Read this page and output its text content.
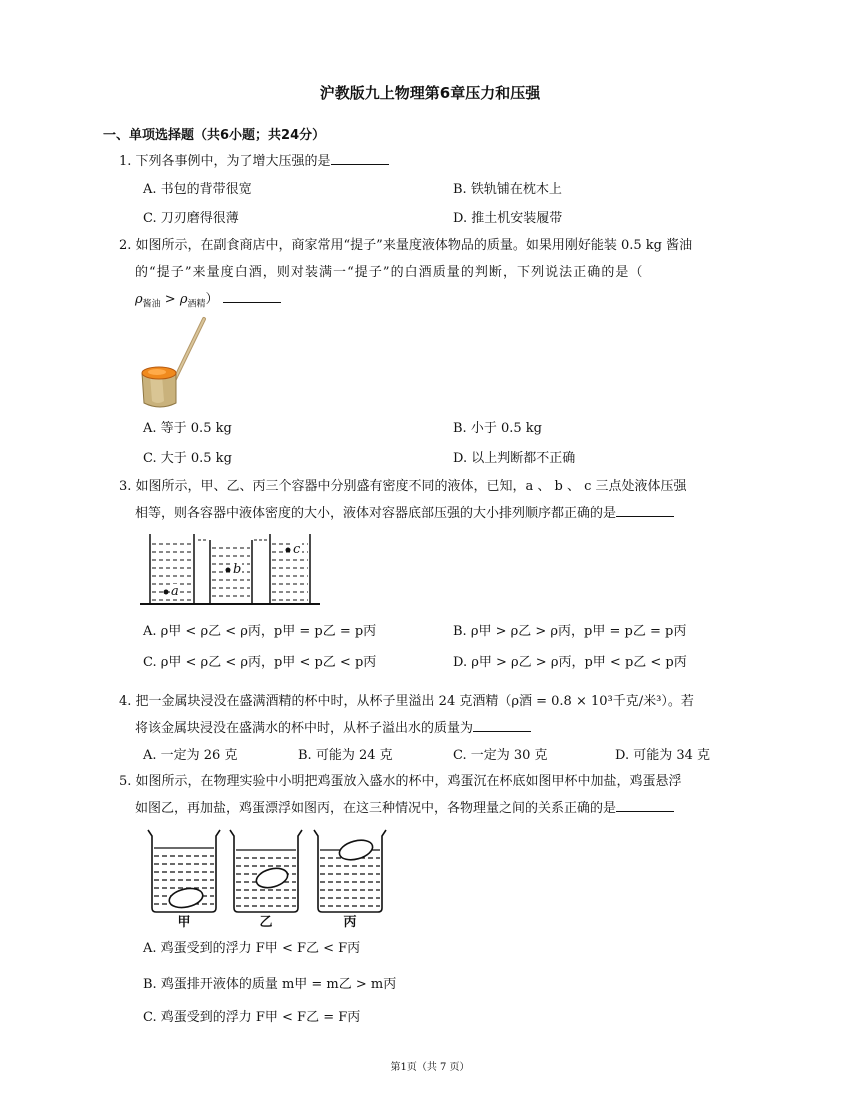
沪教版九上物理第6章压力和压强
一、单项选择题（共6小题；共24分）
1. 下列各事例中，为了增大压强的是
A. 书包的背带很宽	B. 铁轨铺在枕木上
C. 刀刃磨得很薄	D. 推土机安装履带
2. 如图所示，在副食商店中，商家常用“提子”来量度液体物品的质量。如果用刚好能装 0.5 kg 酱油
的“提子”来量度白酒，则对装满一“提子”的白酒质量的判断，下列说法正确的是（
$\rho_{酱油} > \rho_{酒精}$）
A. 等于 0.5 kg	B. 小于 0.5 kg
C. 大于 0.5 kg	D. 以上判断都不正确
3. 如图所示，甲、乙、丙三个容器中分别盛有密度不同的液体，已知，a 、 b 、 c 三点处液体压强
相等，则各容器中液体密度的大小，液体对容器底部压强的大小排列顺序都正确的是
a
b
c
A. ρ甲 < ρ乙 < ρ丙，p甲 = p乙 = p丙	B. ρ甲 > ρ乙 > ρ丙，p甲 = p乙 = p丙
C. ρ甲 < ρ乙 < ρ丙，p甲 < p乙 < p丙	D. ρ甲 > ρ乙 > ρ丙，p甲 < p乙 < p丙
4. 把一金属块浸没在盛满酒精的杯中时，从杯子里溢出 24 克酒精（ρ酒 = 0.8 × 10³千克/米³）。若
将该金属块浸没在盛满水的杯中时，从杯子溢出水的质量为
A. 一定为 26 克	B. 可能为 24 克	C. 一定为 30 克	D. 可能为 34 克
5. 如图所示，在物理实验中小明把鸡蛋放入盛水的杯中，鸡蛋沉在杯底如图甲杯中加盐，鸡蛋悬浮
如图乙，再加盐，鸡蛋漂浮如图丙，在这三种情况中，各物理量之间的关系正确的是
甲	乙	丙
A. 鸡蛋受到的浮力 F甲 < F乙 < F丙
B. 鸡蛋排开液体的质量 m甲 = m乙 > m丙
C. 鸡蛋受到的浮力 F甲 < F乙 = F丙
第1页（共 7 页）
